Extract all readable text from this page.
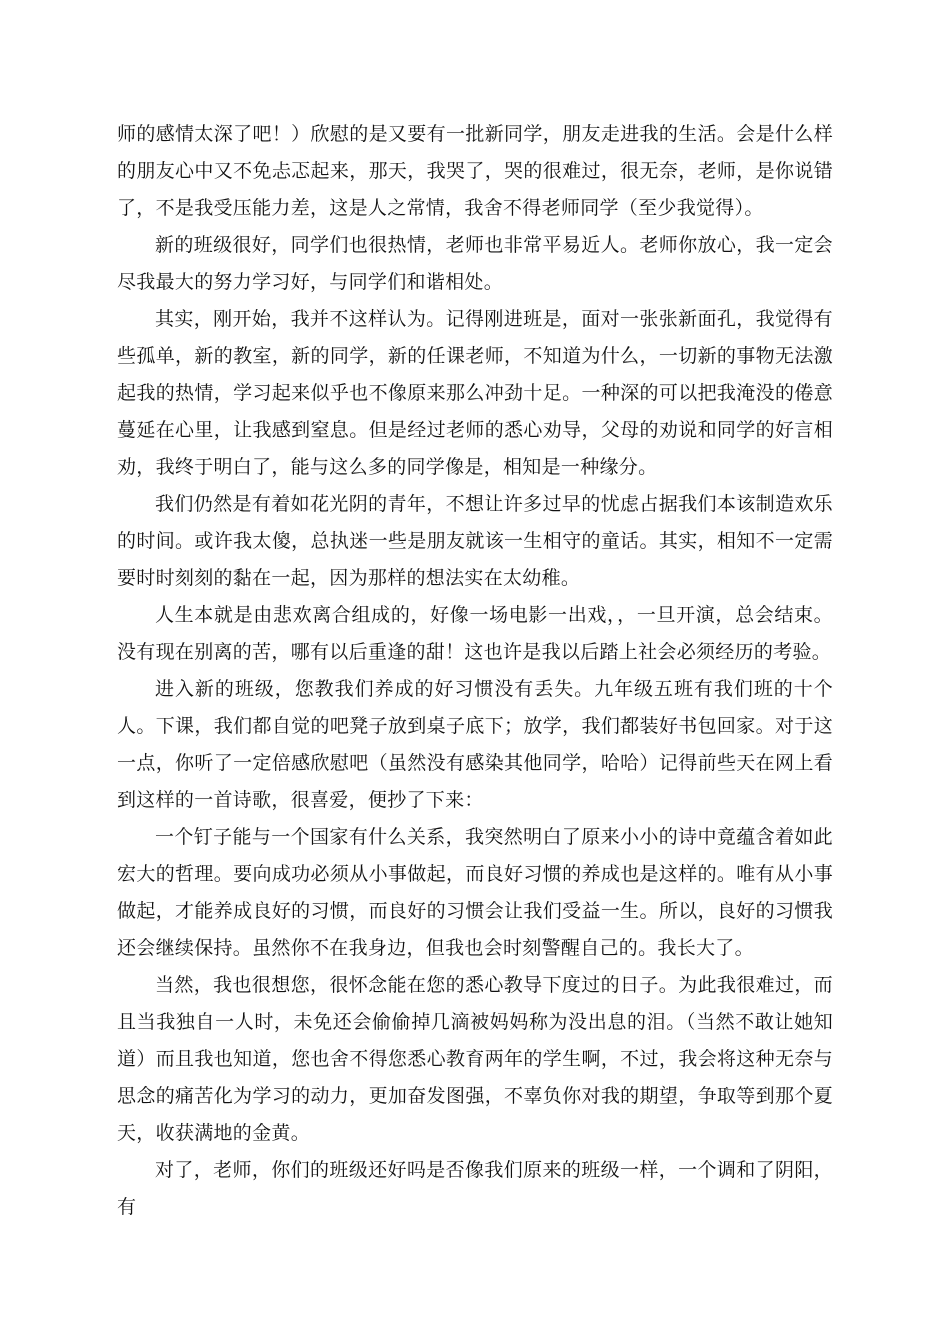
师的感情太深了吧！）欣慰的是又要有一批新同学，朋友走进我的生活。会是什么样的朋友心中又不免忐忑起来，那天，我哭了，哭的很难过，很无奈，老师，是你说错了，不是我受压能力差，这是人之常情，我舍不得老师同学（至少我觉得）。

新的班级很好，同学们也很热情，老师也非常平易近人。老师你放心，我一定会尽我最大的努力学习好，与同学们和谐相处。

其实，刚开始，我并不这样认为。记得刚进班是，面对一张张新面孔，我觉得有些孤单，新的教室，新的同学，新的任课老师，不知道为什么，一切新的事物无法激起我的热情，学习起来似乎也不像原来那么冲劲十足。一种深的可以把我淹没的倦意蔓延在心里，让我感到窒息。但是经过老师的悉心劝导，父母的劝说和同学的好言相劝，我终于明白了，能与这么多的同学像是，相知是一种缘分。

我们仍然是有着如花光阴的青年，不想让许多过早的忧虑占据我们本该制造欢乐的时间。或许我太傻，总执迷一些是朋友就该一生相守的童话。其实，相知不一定需要时时刻刻的黏在一起，因为那样的想法实在太幼稚。

人生本就是由悲欢离合组成的，好像一场电影一出戏，，一旦开演，总会结束。没有现在别离的苦，哪有以后重逢的甜！这也许是我以后踏上社会必须经历的考验。

进入新的班级，您教我们养成的好习惯没有丢失。九年级五班有我们班的十个人。下课，我们都自觉的吧凳子放到桌子底下；放学，我们都装好书包回家。对于这一点，你听了一定倍感欣慰吧（虽然没有感染其他同学，哈哈）记得前些天在网上看到这样的一首诗歌，很喜爱，便抄了下来：

一个钉子能与一个国家有什么关系，我突然明白了原来小小的诗中竟蕴含着如此宏大的哲理。要向成功必须从小事做起，而良好习惯的养成也是这样的。唯有从小事做起，才能养成良好的习惯，而良好的习惯会让我们受益一生。所以，良好的习惯我还会继续保持。虽然你不在我身边，但我也会时刻警醒自己的。我长大了。

当然，我也很想您，很怀念能在您的悉心教导下度过的日子。为此我很难过，而且当我独自一人时，未免还会偷偷掉几滴被妈妈称为没出息的泪。（当然不敢让她知道）而且我也知道，您也舍不得您悉心教育两年的学生啊，不过，我会将这种无奈与思念的痛苦化为学习的动力，更加奋发图强，不辜负你对我的期望，争取等到那个夏天，收获满地的金黄。

对了，老师，你们的班级还好吗是否像我们原来的班级一样，一个调和了阴阳，有
